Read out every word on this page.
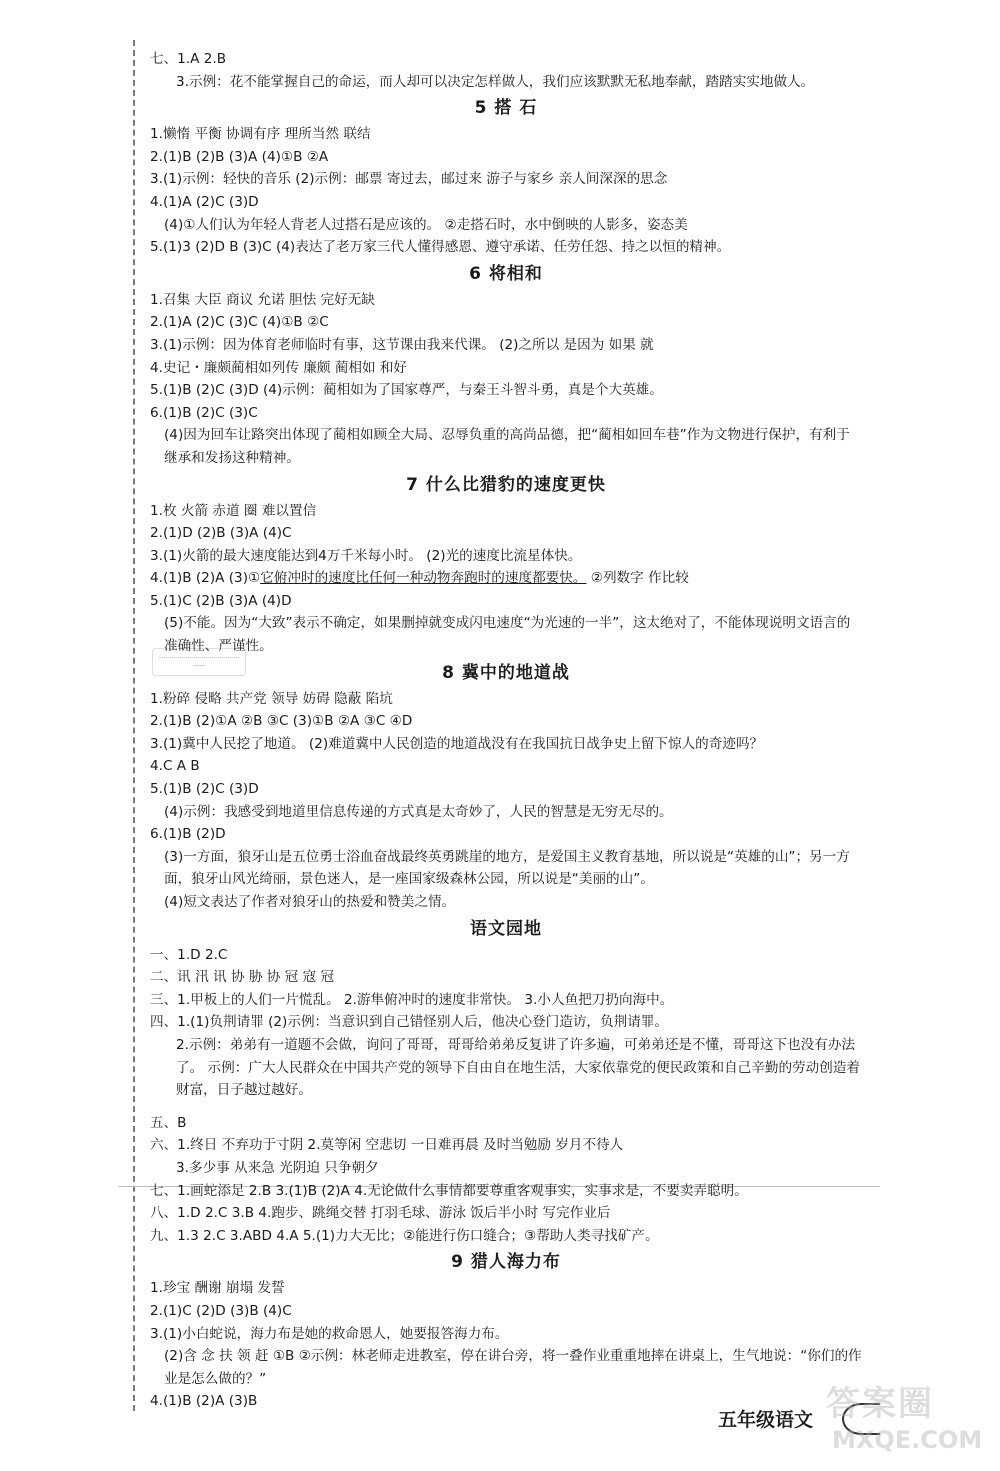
七、1.A 2.B
3.示例：花不能掌握自己的命运，而人却可以决定怎样做人，我们应该默默无私地奉献，踏踏实实地做人。
5 搭 石
1.懒惰 平衡 协调有序 理所当然 联结
2.(1)B (2)B (3)A (4)①B ②A
3.(1)示例：轻快的音乐 (2)示例：邮票 寄过去，邮过来 游子与家乡 亲人间深深的思念
4.(1)A (2)C (3)D
(4)①人们认为年轻人背老人过搭石是应该的。 ②走搭石时，水中倒映的人影多，姿态美
5.(1)3 (2)D B (3)C (4)表达了老万家三代人懂得感恩、遵守承诺、任劳任怨、持之以恒的精神。
6 将相和
1.召集 大臣 商议 允诺 胆怯 完好无缺
2.(1)A (2)C (3)C (4)①B ②C
3.(1)示例：因为体育老师临时有事，这节课由我来代课。 (2)之所以 是因为 如果 就
4.史记・廉颇蔺相如列传 廉颇 蔺相如 和好
5.(1)B (2)C (3)D (4)示例：蔺相如为了国家尊严，与秦王斗智斗勇，真是个大英雄。
6.(1)B (2)C (3)C
(4)因为回车让路突出体现了蔺相如顾全大局、忍辱负重的高尚品德，把“蔺相如回车巷”作为文物进行保护，有利于继承和发扬这种精神。
7 什么比猎豹的速度更快
1.枚 火箭 赤道 圈 难以置信
2.(1)D (2)B (3)A (4)C
3.(1)火箭的最大速度能达到4万千米每小时。 (2)光的速度比流星体快。
4.(1)B (2)A (3)①它俯冲时的速度比任何一种动物奔跑时的速度都要快。 ②列数字 作比较
5.(1)C (2)B (3)A (4)D
(5)不能。因为“大致”表示不确定，如果删掉就变成闪电速度“为光速的一半”，这太绝对了，不能体现说明文语言的准确性、严谨性。
8 冀中的地道战
1.粉碎 侵略 共产党 领导 妨碍 隐蔽 陷坑
2.(1)B (2)①A ②B ③C (3)①B ②A ③C ④D
3.(1)冀中人民挖了地道。 (2)难道冀中人民创造的地道战没有在我国抗日战争史上留下惊人的奇迹吗？
4.C A B
5.(1)B (2)C (3)D
(4)示例：我感受到地道里信息传递的方式真是太奇妙了，人民的智慧是无穷无尽的。
6.(1)B (2)D
(3)一方面，狼牙山是五位勇士浴血奋战最终英勇跳崖的地方，是爱国主义教育基地，所以说是“英雄的山”；另一方面，狼牙山风光绮丽，景色迷人，是一座国家级森林公园，所以说是“美丽的山”。
(4)短文表达了作者对狼牙山的热爱和赞美之情。
语文园地
一、1.D 2.C
二、讯 汛 讯 协 胁 协 冠 寇 冠
三、1.甲板上的人们一片慌乱。 2.游隼俯冲时的速度非常快。 3.小人鱼把刀扔向海中。
四、1.(1)负荆请罪 (2)示例：当意识到自己错怪别人后，他决心登门造访，负荆请罪。
2.示例：弟弟有一道题不会做，询问了哥哥，哥哥给弟弟反复讲了许多遍，可弟弟还是不懂，哥哥这下也没有办法了。 示例：广大人民群众在中国共产党的领导下自由自在地生活，大家依靠党的便民政策和自己辛勤的劳动创造着财富，日子越过越好。
五、B
六、1.终日 不弃功于寸阴 2.莫等闲 空悲切 一日难再晨 及时当勉励 岁月不待人
3.多少事 从来急 光阴迫 只争朝夕
七、1.画蛇添足 2.B 3.(1)B (2)A 4.无论做什么事情都要尊重客观事实，实事求是，不要卖弄聪明。
八、1.D 2.C 3.B 4.跑步、跳绳交替 打羽毛球、游泳 饭后半小时 写完作业后
九、1.3 2.C 3.ABD 4.A 5.(1)力大无比；②能进行伤口缝合；③帮助人类寻找矿产。
9 猎人海力布
1.珍宝 酬谢 崩塌 发誓
2.(1)C (2)D (3)B (4)C
3.(1)小白蛇说，海力布是她的救命恩人，她要报答海力布。
(2)含 念 扶 领 赶 ①B ②示例：林老师走进教室，停在讲台旁，将一叠作业重重地摔在讲桌上，生气地说：“你们的作业是怎么做的？”
4.(1)B (2)A (3)B
五年级语文 答案圈
MXQE.COM
